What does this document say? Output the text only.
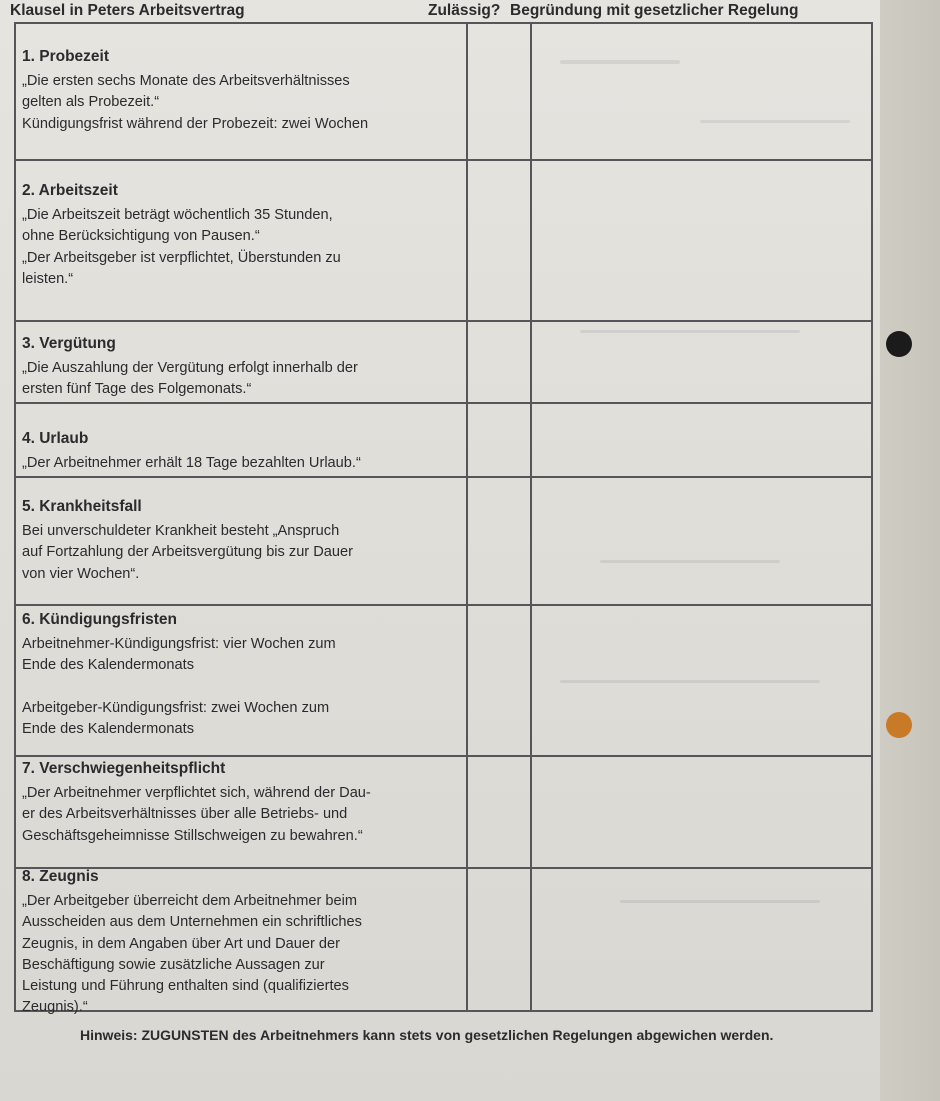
Klausel in Peters Arbeitsvertrag	Zulässig? Begründung mit gesetzlicher Regelung
1. Probezeit
„Die ersten sechs Monate des Arbeitsverhältnisses
gelten als Probezeit.“
Kündigungsfrist während der Probezeit: zwei Wochen
2. Arbeitszeit
„Die Arbeitszeit beträgt wöchentlich 35 Stunden,
ohne Berücksichtigung von Pausen.“
„Der Arbeitsgeber ist verpflichtet, Überstunden zu
leisten.“
3. Vergütung
„Die Auszahlung der Vergütung erfolgt innerhalb der
ersten fünf Tage des Folgemonats.“
4. Urlaub
„Der Arbeitnehmer erhält 18 Tage bezahlten Urlaub.“
5. Krankheitsfall
Bei unverschuldeter Krankheit besteht „Anspruch
auf Fortzahlung der Arbeitsvergütung bis zur Dauer
von vier Wochen“.
6. Kündigungsfristen
Arbeitnehmer-Kündigungsfrist: vier Wochen zum
Ende des Kalendermonats

Arbeitgeber-Kündigungsfrist: zwei Wochen zum
Ende des Kalendermonats
7. Verschwiegenheitspflicht
„Der Arbeitnehmer verpflichtet sich, während der Dau-
er des Arbeitsverhältnisses über alle Betriebs- und
Geschäftsgeheimnisse Stillschweigen zu bewahren.“
8. Zeugnis
„Der Arbeitgeber überreicht dem Arbeitnehmer beim
Ausscheiden aus dem Unternehmen ein schriftliches
Zeugnis, in dem Angaben über Art und Dauer der
Beschäftigung sowie zusätzliche Aussagen zur
Leistung und Führung enthalten sind (qualifiziertes
Zeugnis).“
Hinweis: ZUGUNSTEN des Arbeitnehmers kann stets von gesetzlichen Regelungen abgewichen werden.
